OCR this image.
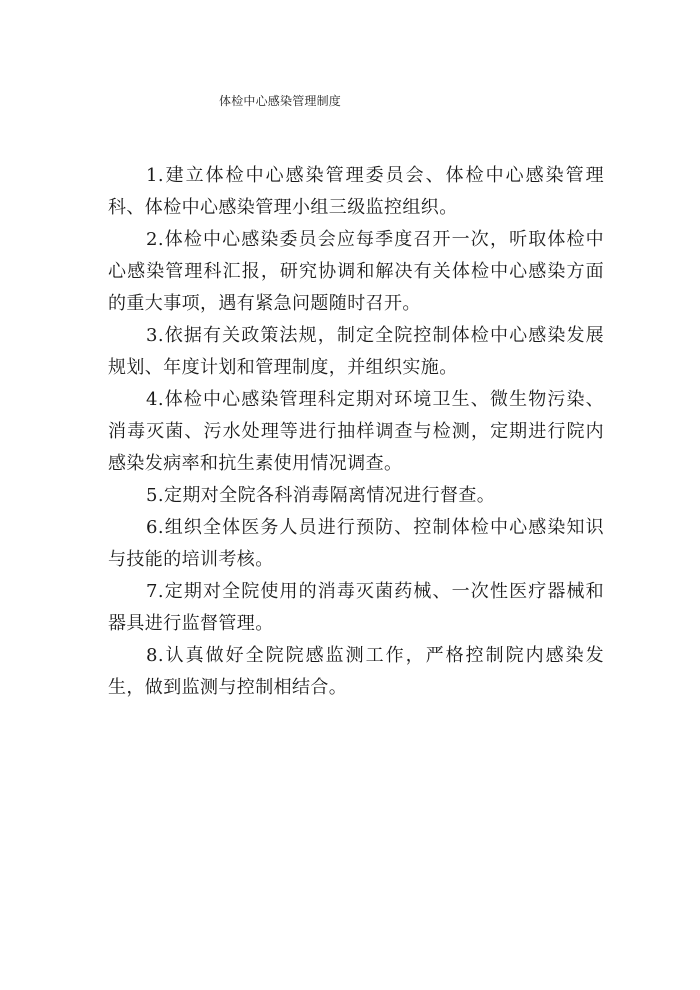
体检中心感染管理制度

1.建立体检中心感染管理委员会、体检中心感染管理科、体检中心感染管理小组三级监控组织。

2.体检中心感染委员会应每季度召开一次，听取体检中心感染管理科汇报，研究协调和解决有关体检中心感染方面的重大事项，遇有紧急问题随时召开。

3.依据有关政策法规，制定全院控制体检中心感染发展规划、年度计划和管理制度，并组织实施。

4.体检中心感染管理科定期对环境卫生、微生物污染、消毒灭菌、污水处理等进行抽样调查与检测，定期进行院内感染发病率和抗生素使用情况调查。

5.定期对全院各科消毒隔离情况进行督查。

6.组织全体医务人员进行预防、控制体检中心感染知识与技能的培训考核。

7.定期对全院使用的消毒灭菌药械、一次性医疗器械和器具进行监督管理。

8.认真做好全院院感监测工作，严格控制院内感染发生，做到监测与控制相结合。
